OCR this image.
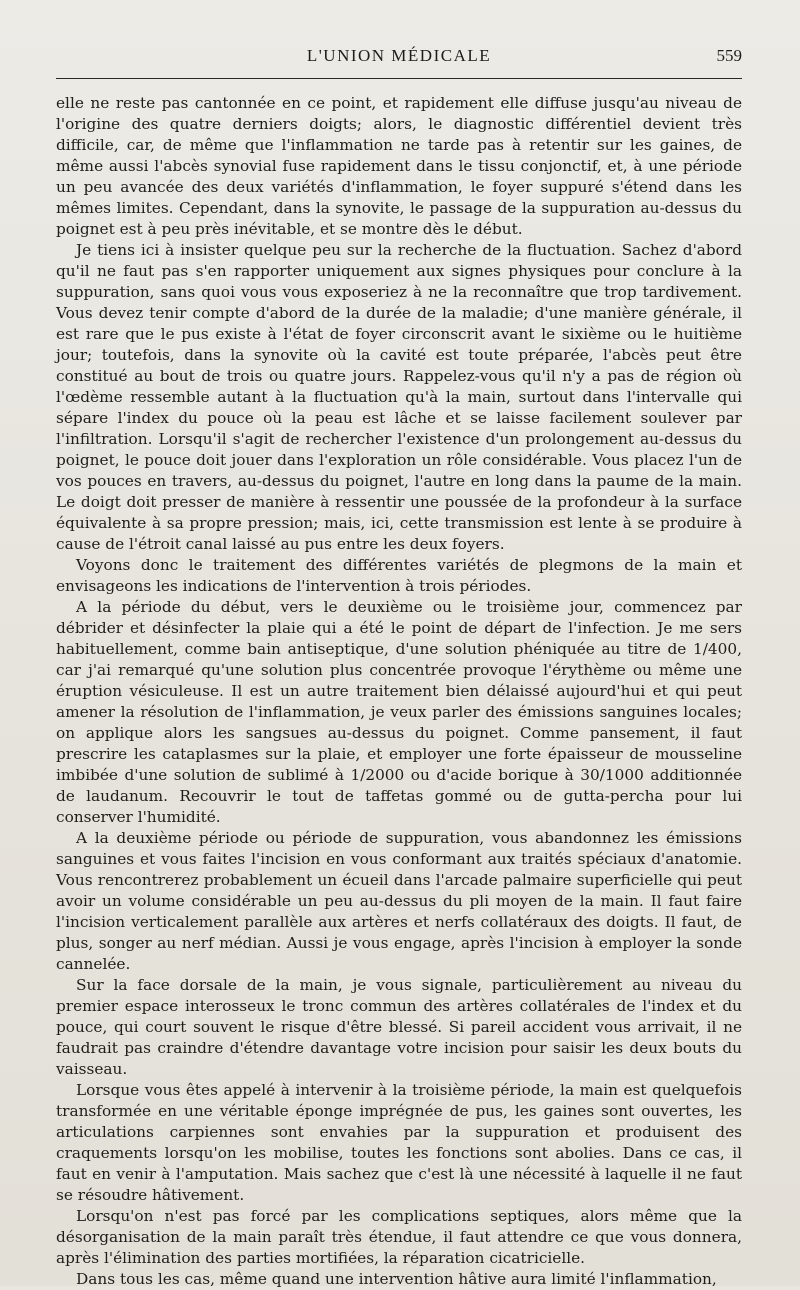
L'UNION MÉDICALE	559

elle ne reste pas cantonnée en ce point, et rapidement elle diffuse jusqu'au niveau de l'origine des quatre derniers doigts; alors, le diagnostic différentiel devient très difficile, car, de même que l'inflammation ne tarde pas à retentir sur les gaines, de même aussi l'abcès synovial fuse rapidement dans le tissu conjonctif, et, à une période un peu avancée des deux variétés d'inflammation, le foyer suppuré s'étend dans les mêmes limites. Cependant, dans la synovite, le passage de la suppuration au-dessus du poignet est à peu près inévitable, et se montre dès le début.

Je tiens ici à insister quelque peu sur la recherche de la fluctuation. Sachez d'abord qu'il ne faut pas s'en rapporter uniquement aux signes physiques pour conclure à la suppuration, sans quoi vous vous exposeriez à ne la reconnaître que trop tardivement. Vous devez tenir compte d'abord de la durée de la maladie; d'une manière générale, il est rare que le pus existe à l'état de foyer circonscrit avant le sixième ou le huitième jour; toutefois, dans la synovite où la cavité est toute préparée, l'abcès peut être constitué au bout de trois ou quatre jours. Rappelez-vous qu'il n'y a pas de région où l'œdème ressemble autant à la fluctuation qu'à la main, surtout dans l'intervalle qui sépare l'index du pouce où la peau est lâche et se laisse facilement soulever par l'infiltration. Lorsqu'il s'agit de rechercher l'existence d'un prolongement au-dessus du poignet, le pouce doit jouer dans l'exploration un rôle considérable. Vous placez l'un de vos pouces en travers, au-dessus du poignet, l'autre en long dans la paume de la main. Le doigt doit presser de manière à ressentir une poussée de la profondeur à la surface équivalente à sa propre pression; mais, ici, cette transmission est lente à se produire à cause de l'étroit canal laissé au pus entre les deux foyers.

Voyons donc le traitement des différentes variétés de plegmons de la main et envisageons les indications de l'intervention à trois périodes.

A la période du début, vers le deuxième ou le troisième jour, commencez par débrider et désinfecter la plaie qui a été le point de départ de l'infection. Je me sers habituellement, comme bain antiseptique, d'une solution phéniquée au titre de 1/400, car j'ai remarqué qu'une solution plus concentrée provoque l'érythème ou même une éruption vésiculeuse. Il est un autre traitement bien délaissé aujourd'hui et qui peut amener la résolution de l'inflammation, je veux parler des émissions sanguines locales; on applique alors les sangsues au-dessus du poignet. Comme pansement, il faut prescrire les cataplasmes sur la plaie, et employer une forte épaisseur de mousseline imbibée d'une solution de sublimé à 1/2000 ou d'acide borique à 30/1000 additionnée de laudanum. Recouvrir le tout de taffetas gommé ou de gutta-percha pour lui conserver l'humidité.

A la deuxième période ou période de suppuration, vous abandonnez les émissions sanguines et vous faites l'incision en vous conformant aux traités spéciaux d'anatomie. Vous rencontrerez probablement un écueil dans l'arcade palmaire superficielle qui peut avoir un volume considérable un peu au-dessus du pli moyen de la main. Il faut faire l'incision verticalement parallèle aux artères et nerfs collatéraux des doigts. Il faut, de plus, songer au nerf médian. Aussi je vous engage, après l'incision à employer la sonde cannelée.

Sur la face dorsale de la main, je vous signale, particulièrement au niveau du premier espace interosseux le tronc commun des artères collatérales de l'index et du pouce, qui court souvent le risque d'être blessé. Si pareil accident vous arrivait, il ne faudrait pas craindre d'étendre davantage votre incision pour saisir les deux bouts du vaisseau.

Lorsque vous êtes appelé à intervenir à la troisième période, la main est quelquefois transformée en une véritable éponge imprégnée de pus, les gaines sont ouvertes, les articulations carpiennes sont envahies par la suppuration et produisent des craquements lorsqu'on les mobilise, toutes les fonctions sont abolies. Dans ce cas, il faut en venir à l'amputation. Mais sachez que c'est là une nécessité à laquelle il ne faut se résoudre hâtivement.

Lorsqu'on n'est pas forcé par les complications septiques, alors même que la désorganisation de la main paraît très étendue, il faut attendre ce que vous donnera, après l'élimination des parties mortifiées, la réparation cicatricielle.

Dans tous les cas, même quand une intervention hâtive aura limité l'inflammation,
